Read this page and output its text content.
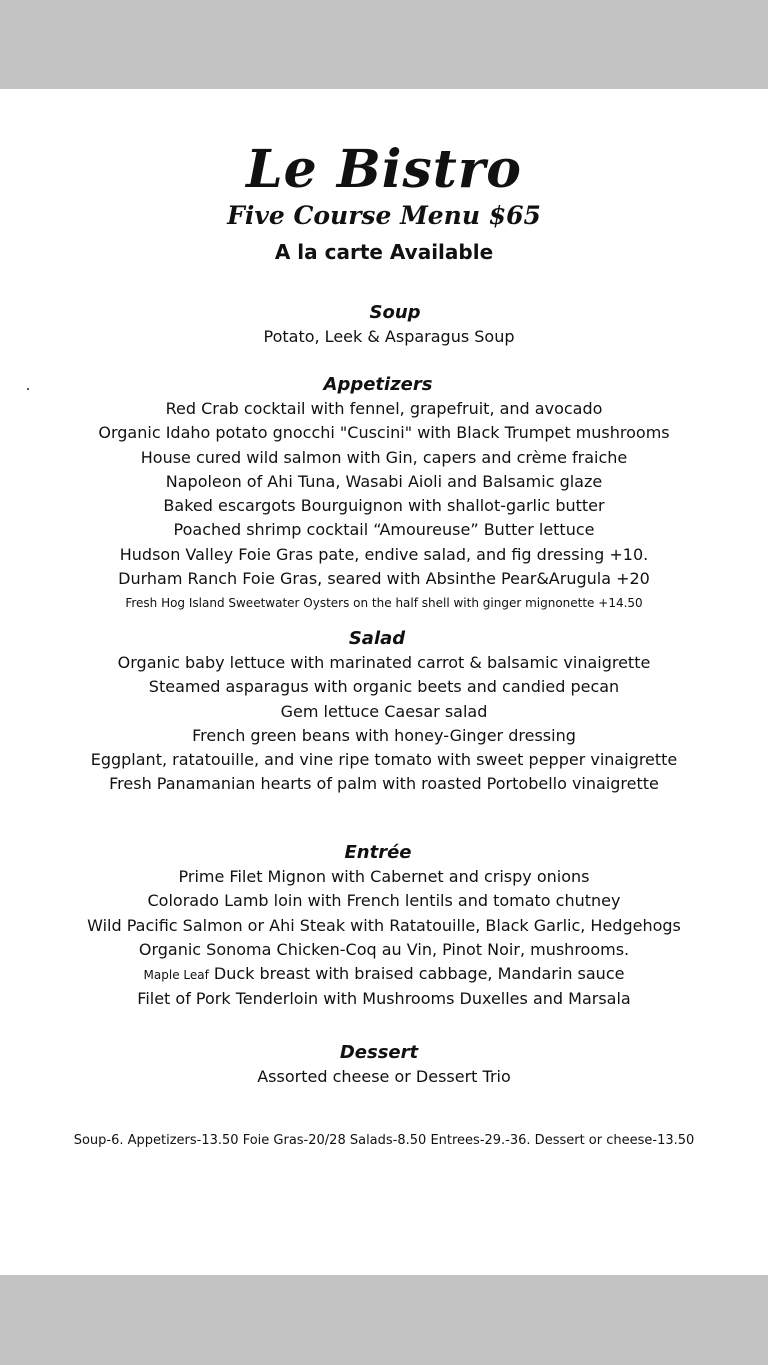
Le Bistro
Five Course Menu $65
A la carte Available
Soup
Potato, Leek & Asparagus Soup
Appetizers
Red Crab cocktail with fennel, grapefruit, and avocado
Organic Idaho potato gnocchi "Cuscini" with Black Trumpet mushrooms
House cured wild salmon with Gin, capers and crème fraiche
Napoleon of Ahi Tuna, Wasabi Aioli and Balsamic glaze
Baked escargots Bourguignon with shallot-garlic butter
Poached shrimp cocktail “Amoureuse” Butter lettuce
Hudson Valley Foie Gras pate, endive salad, and fig dressing +10.
Durham Ranch Foie Gras, seared with Absinthe Pear&Arugula +20
Fresh Hog Island Sweetwater Oysters on the half shell with ginger mignonette +14.50
Salad
Organic baby lettuce with marinated carrot & balsamic vinaigrette
Steamed asparagus with organic beets and candied pecan
Gem lettuce Caesar salad
French green beans with honey-Ginger dressing
Eggplant, ratatouille, and vine ripe tomato with sweet pepper vinaigrette
Fresh Panamanian hearts of palm with roasted Portobello vinaigrette
Entrée
Prime Filet Mignon with Cabernet and crispy onions
Colorado Lamb loin with French lentils and tomato chutney
Wild Pacific Salmon or Ahi Steak with Ratatouille, Black Garlic, Hedgehogs
Organic Sonoma Chicken-Coq au Vin, Pinot Noir, mushrooms.
Maple Leaf Duck breast with braised cabbage, Mandarin sauce
Filet of Pork Tenderloin with Mushrooms Duxelles and Marsala
Dessert
Assorted cheese or Dessert Trio
Soup-6. Appetizers-13.50 Foie Gras-20/28 Salads-8.50 Entrees-29.-36. Dessert or cheese-13.50
